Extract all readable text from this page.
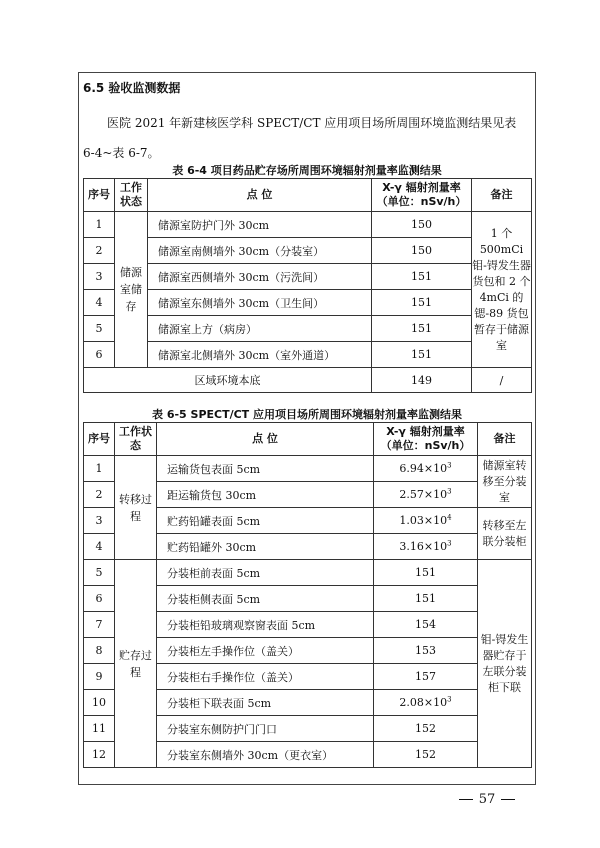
6.5 验收监测数据
医院 2021 年新建核医学科 SPECT/CT 应用项目场所周围环境监测结果见表 6-4~表 6-7。
表 6-4 项目药品贮存场所周围环境辐射剂量率监测结果
序号	工作状态	点 位	X-γ 辐射剂量率
（单位：nSv/h）	备注
1	储源室储存	储源室防护门外 30cm	150	1 个 500mCi 钼-锝发生器货包和 2 个 4mCi 的锶-89 货包暂存于储源室
2		储源室南侧墙外 30cm（分装室）	150	
3		储源室西侧墙外 30cm（污洗间）	151	
4		储源室东侧墙外 30cm（卫生间）	151	
5		储源室上方（病房）	151	
6		储源室北侧墙外 30cm（室外通道）	151	
区域环境本底			149	/
表 6-5 SPECT/CT 应用项目场所周围环境辐射剂量率监测结果
序号	工作状态	点 位	X-γ 辐射剂量率
（单位：nSv/h）	备注
1	转移过程	运输货包表面 5cm	$6.94\times 10^3$	储源室转移至分装室
2		距运输货包 30cm	$2.57\times 10^3$
3		贮药铅罐表面 5cm	$1.03\times 10^4$	转移至左联分装柜
4		贮药铅罐外 30cm	$3.16\times 10^3$
5	贮存过程	分装柜前表面 5cm	151	钼-锝发生器贮存于左联分装柜下联
6		分装柜侧表面 5cm	151	
7		分装柜铅玻璃观察窗表面 5cm	154	
8		分装柜左手操作位（盖关）	153	
9		分装柜右手操作位（盖关）	157	
10		分装柜下联表面 5cm	$2.08\times 10^3$
11		分装室东侧防护门门口	152	
12		分装室东侧墙外 30cm（更衣室）	152	
57
